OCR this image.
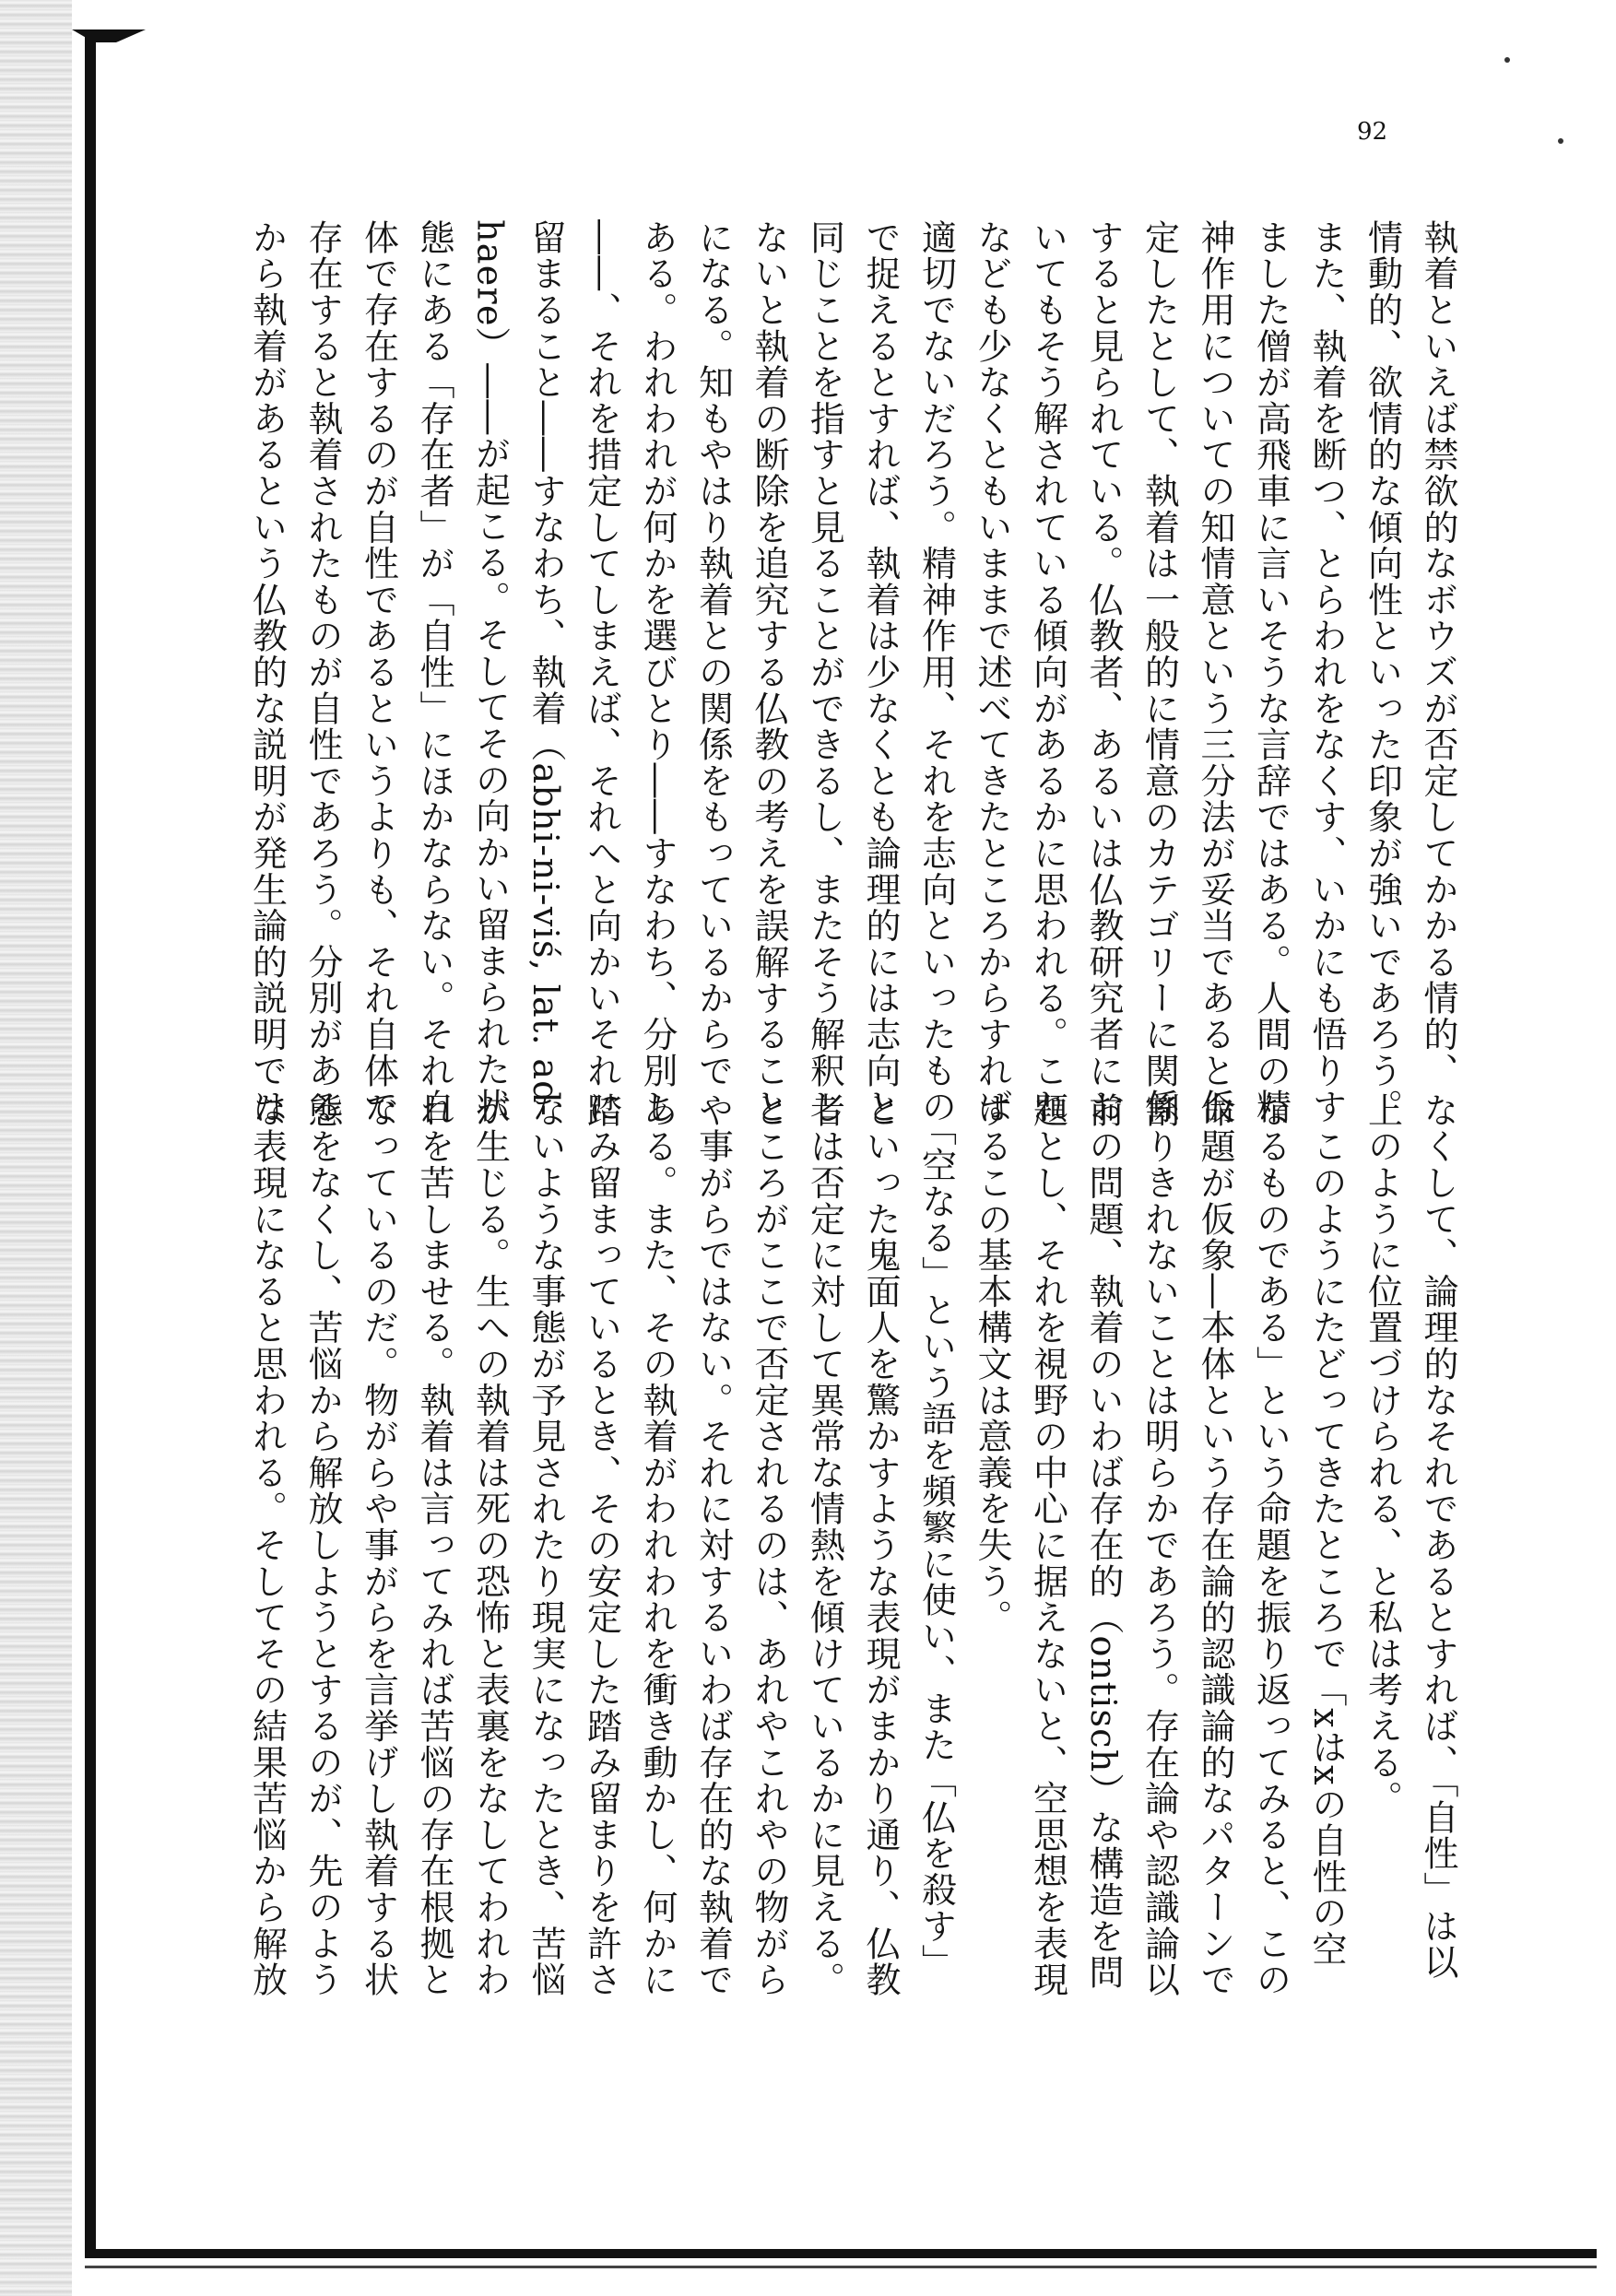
92

執着といえば禁欲的なボウズが否定してかかる情的、

情動的、欲情的な傾向性といった印象が強いであろう。

また、執着を断つ、とらわれをなくす、いかにも悟りす

ました僧が高飛車に言いそうな言辞ではある。人間の精

神作用についての知情意という三分法が妥当であると仮

定したとして、執着は一般的に情意のカテゴリーに関係

すると見られている。仏教者、あるいは仏教研究者にお

いてもそう解されている傾向があるかに思われる。これ

なども少なくともいままで述べてきたところからすれば

適切でないだろう。精神作用、それを志向といったもの

で捉えるとすれば、執着は少なくとも論理的には志向と

同じことを指すと見ることができるし、またそう解釈し

ないと執着の断除を追究する仏教の考えを誤解すること

になる。知もやはり執着との関係をもっているからで

ある。われわれが何かを選びとり――すなわち、分別し

――、それを措定してしまえば、それへと向かいそれに

留まること――すなわち、執着（abhi-ni-viś, lat. ad-

haere）――が起こる。そしてその向かい留まられた状

態にある「存在者」が「自性」にほかならない。それ自

体で存在するのが自性であるというよりも、それ自体で

存在すると執着されたものが自性であろう。分別がある

から執着があるという仏教的な説明が発生論的説明では

なくして、論理的なそれであるとすれば、「自性」は以

上のように位置づけられる、と私は考える。

　このようにたどってきたところで「xはxの自性の空

なるものである」という命題を振り返ってみると、この

命題が仮象―本体という存在論的認識論的なパターンで

割りきれないことは明らかであろう。存在論や認識論以

前の問題、執着のいわば存在的（ontisch）な構造を問

題とし、それを視野の中心に据えないと、空思想を表現

するこの基本構文は意義を失う。

　「空なる」という語を頻繁に使い、また「仏を殺す」

といった鬼面人を驚かすような表現がまかり通り、仏教

者は否定に対して異常な情熱を傾けているかに見える。

ところがここで否定されるのは、あれやこれやの物がら

や事がらではない。それに対するいわば存在的な執着で

ある。また、その執着がわれわれを衝き動かし、何かに

踏み留まっているとき、その安定した踏み留まりを許さ

ないような事態が予見されたり現実になったとき、苦悩

が生じる。生への執着は死の恐怖と表裏をなしてわれわ

れを苦しませる。執着は言ってみれば苦悩の存在根拠と

なっているのだ。物がらや事がらを言挙げし執着する状

態をなくし、苦悩から解放しようとするのが、先のよう

な表現になると思われる。そしてその結果苦悩から解放
